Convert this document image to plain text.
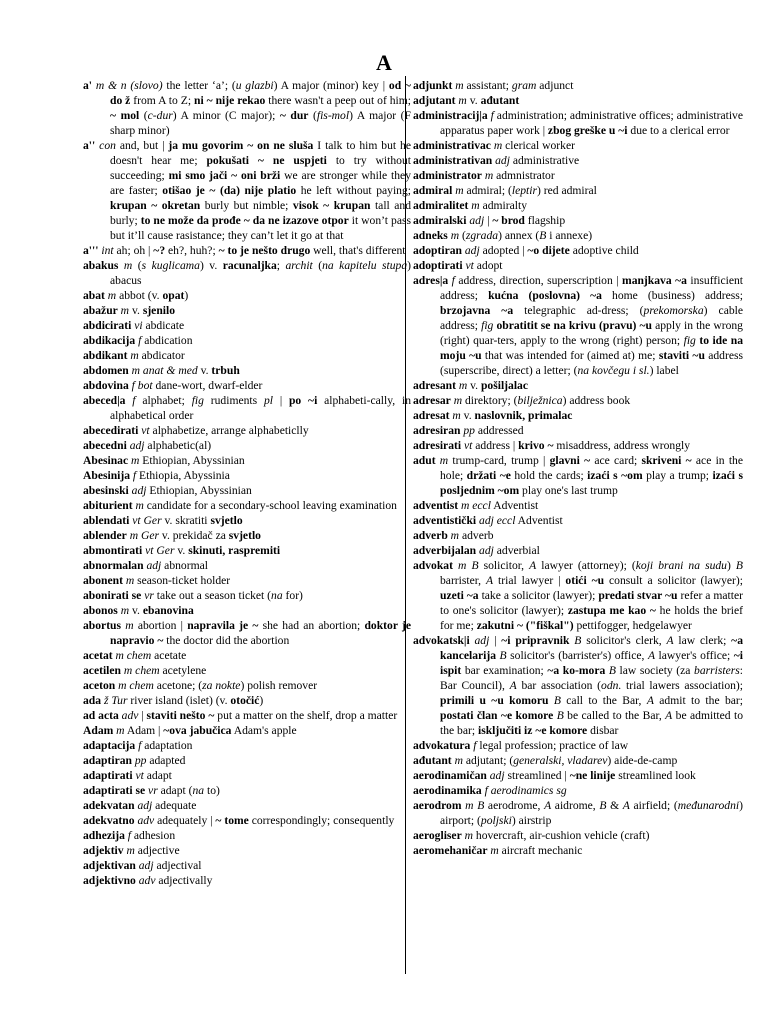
A

a' m & n (slovo) the letter ‘a’; (u glazbi) A major (minor) key | od ~ do ž from A to Z; ni ~ nije rekao there wasn't a peep out of him; ~ mol (c-dur) A minor (C major); ~ dur (fis-mol) A major (F sharp minor)

a'' con and, but | ja mu govorim ~ on ne sluša I talk to him but he doesn't hear me; pokušati ~ ne uspjeti to try without succeeding; mi smo jači ~ oni brži we are stronger while they are faster; otišao je ~ (da) nije platio he left without paying; krupan ~ okretan burly but nimble; visok ~ krupan tall and burly; to ne može da prođe ~ da ne izazove otpor it won’t pass but it’ll cause rasistance; they can’t let it go at that

a''' int ah; oh | ~? eh?, huh?; ~ to je nešto drugo well, that's different

abakus m (s kuglicama) v. racunaljka; archit (na kapitelu stupa) abacus

abat m abbot (v. opat)

abažur m v. sjenilo

abdicirati vi abdicate

abdikacija f abdication

abdikant m abdicator

abdomen m anat & med v. trbuh

abdovina f bot dane-wort, dwarf-elder

abeced|a f alphabet; fig rudiments pl | po ~i alphabeti-cally, in alphabetical order

abecedirati vt alphabetize, arrange alphabeticlly

abecedni adj alphabetic(al)

Abesinac m Ethiopian, Abyssinian

Abesinija f Ethiopia, Abyssinia

abesinski adj Ethiopian, Abyssinian

abiturient m candidate for a secondary-school leaving examination

ablendati vt Ger v. skratiti svjetlo

ablender m Ger v. prekidač za svjetlo

abmontirati vt Ger v. skinuti, raspremiti

abnormalan adj abnormal

abonent m season-ticket holder

abonirati se vr take out a season ticket (na for)

abonos m v. ebanovina

abortus m abortion | napravila je ~ she had an abortion; doktor je napravio ~ the doctor did the abortion

acetat m chem acetate

acetilen m chem acetylene

aceton m chem acetone; (za nokte) polish remover

ada ž Tur river island (islet) (v. otočić)

ad acta adv | staviti nešto ~ put a matter on the shelf, drop a matter

Adam m Adam | ~ova jabučica Adam's apple

adaptacija f adaptation

adaptiran pp adapted

adaptirati vt adapt

adaptirati se vr adapt (na to)

adekvatan adj adequate

adekvatno adv adequately | ~ tome correspondingly; consequently

adhezija f adhesion

adjektiv m adjective

adjektivan adj adjectival

adjektivno adv adjectivally

adjunkt m assistant; gram adjunct

adjutant m v. ađutant

administracij|a f administration; administrative offices; administrative apparatus paper work | zbog greške u ~i due to a clerical error

administrativac m clerical worker

administrativan adj administrative

administrator m admnistrator

admiral m admiral; (leptir) red admiral

admiralitet m admiralty

admiralski adj | ~ brod flagship

adneks m (zgrada) annex (B i annexe)

adoptiran adj adopted | ~o dijete adoptive child

adoptirati vt adopt

adres|a f address, direction, superscription | manjkava ~a insufficient address; kućna (poslovna) ~a home (business) address; brzojavna ~a telegraphic ad-dress; (prekomorska) cable address; fig obratitit se na krivu (pravu) ~u apply in the wrong (right) quar-ters, apply to the wrong (right) person; fig to ide na moju ~u that was intended for (aimed at) me; staviti ~u address (superscribe, direct) a letter; (na kovčegu i sl.) label

adresant m v. pošiljalac

adresar m direktory; (bilježnica) address book

adresat m v. naslovnik, primalac

adresiran pp addressed

adresirati vt address | krivo ~ misaddress, address wrongly

adut m trump-card, trump | glavni ~ ace card; skriveni ~ ace in the hole; držati ~e hold the cards; izaći s ~om play a trump; izaći s posljednim ~om play one's last trump

adventist m eccl Adventist

adventistički adj eccl Adventist

adverb m adverb

adverbijalan adj adverbial

advokat m B solicitor, A lawyer (attorney); (koji brani na sudu) B barrister, A trial lawyer | otići ~u consult a solicitor (lawyer); uzeti ~a take a solicitor (lawyer); predati stvar ~u refer a matter to one's solicitor (lawyer); zastupa me kao ~ he holds the brief for me; zakutni ~ ("fiškal") pettifogger, hedgelawyer

advokatsk|i adj | ~i pripravnik B solicitor's clerk, A law clerk; ~a kancelarija B solicitor's (barrister's) office, A lawyer's office; ~i ispit bar examination; ~a ko-mora B law society (za barristers: Bar Council), A bar association (odn. trial lawers association); primili u ~u komoru B call to the Bar, A admit to the bar; postati član ~e komore B be called to the Bar, A be admitted to the bar; isključiti iz ~e komore disbar

advokatura f legal profession; practice of law

ađutant m adjutant; (generalski, vladarev) aide-de-camp

aerodinamičan adj streamlined | ~ne linije streamlined look

aerodinamika f aerodinamics sg

aerodrom m B aerodrome, A aidrome, B & A airfield; (međunarodni) airport; (poljski) airstrip

aerogliser m hovercraft, air-cushion vehicle (craft)

aeromehaničar m aircraft mechanic
